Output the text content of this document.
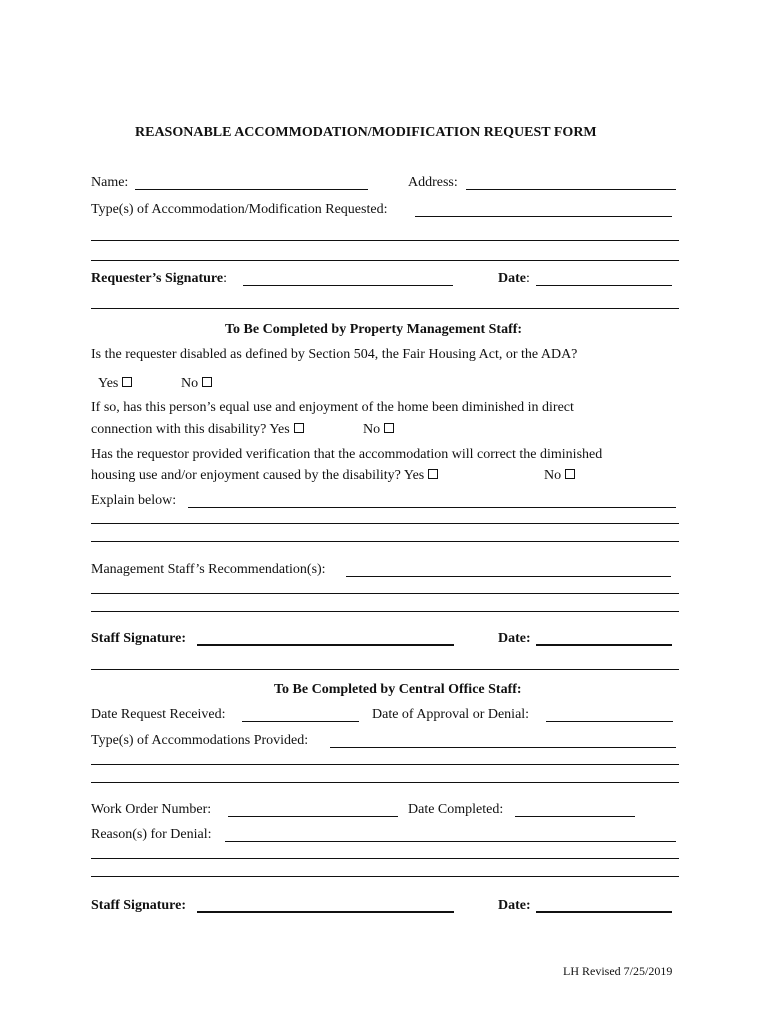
REASONABLE ACCOMMODATION/MODIFICATION REQUEST FORM
Name:	Address:
Type(s) of Accommodation/Modification Requested:
Requester’s Signature:	Date:
To Be Completed by Property Management Staff:
Is the requester disabled as defined by Section 504, the Fair Housing Act, or the ADA?
Yes	No
If so, has this person’s equal use and enjoyment of the home been diminished in direct
connection with this disability? Yes	No
Has the requestor provided verification that the accommodation will correct the diminished
housing use and/or enjoyment caused by the disability? Yes	No
Explain below:
Management Staff’s Recommendation(s):
Staff Signature:	Date:
To Be Completed by Central Office Staff:
Date Request Received:	Date of Approval or Denial:
Type(s) of Accommodations Provided:
Work Order Number:	Date Completed:
Reason(s) for Denial:
Staff Signature:	Date:
LH Revised 7/25/2019
